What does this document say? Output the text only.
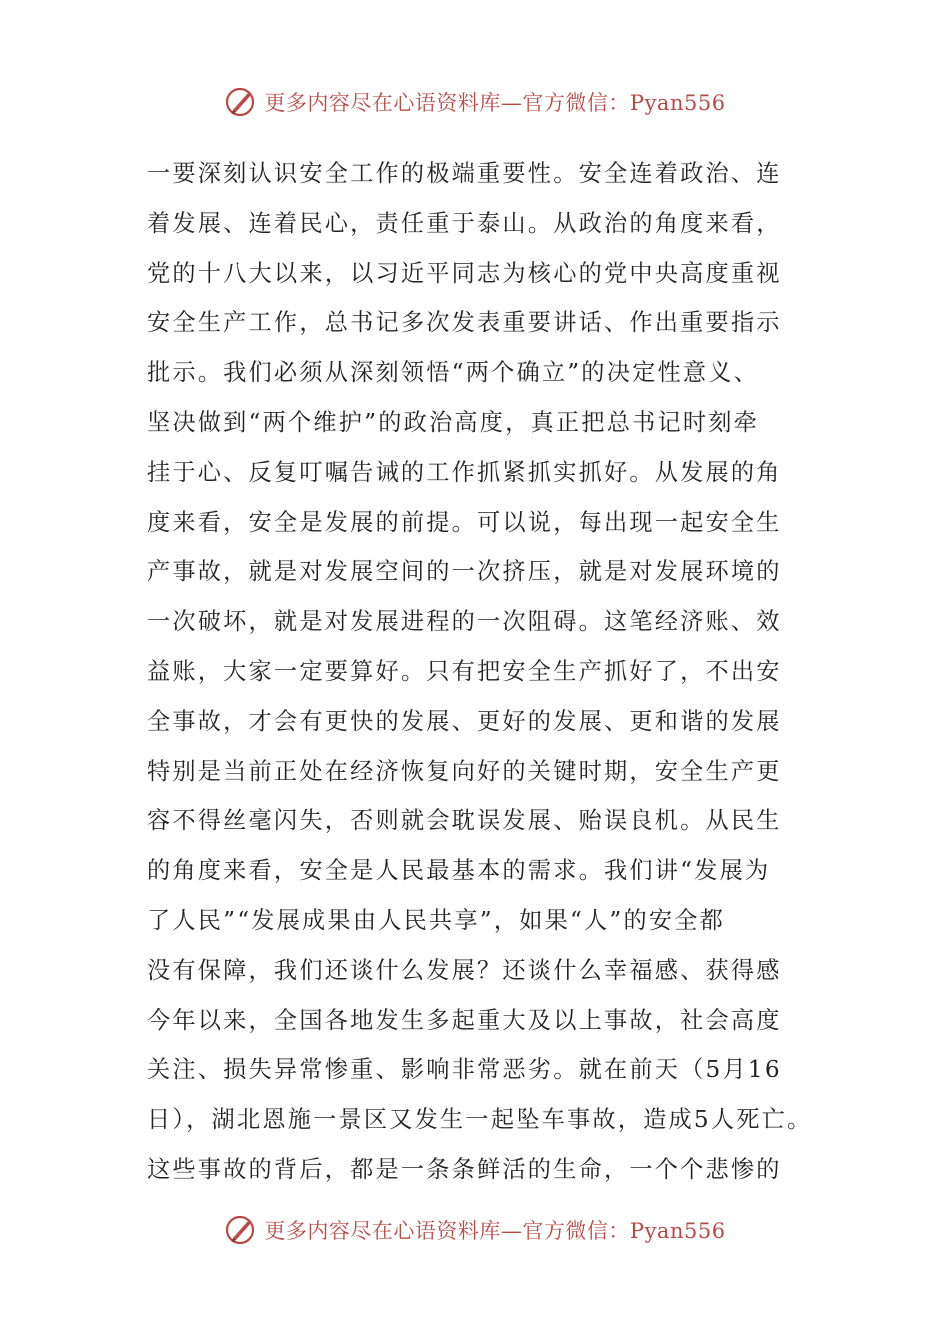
更多内容尽在心语资料库—官方微信：Pyan556
一要深刻认识安全工作的极端重要性。安全连着政治、连
着发展、连着民心，责任重于泰山。从政治的角度来看，
党的十八大以来，以习近平同志为核心的党中央高度重视
安全生产工作，总书记多次发表重要讲话、作出重要指示
批示。我们必须从深刻领悟“两个确立”的决定性意义、
坚决做到“两个维护”的政治高度，真正把总书记时刻牵
挂于心、反复叮嘱告诫的工作抓紧抓实抓好。从发展的角
度来看，安全是发展的前提。可以说，每出现一起安全生
产事故，就是对发展空间的一次挤压，就是对发展环境的
一次破坏，就是对发展进程的一次阻碍。这笔经济账、效
益账，大家一定要算好。只有把安全生产抓好了，不出安
全事故，才会有更快的发展、更好的发展、更和谐的发展
特别是当前正处在经济恢复向好的关键时期，安全生产更
容不得丝毫闪失，否则就会耽误发展、贻误良机。从民生
的角度来看，安全是人民最基本的需求。我们讲“发展为
了人民”“发展成果由人民共享”，如果“人”的安全都
没有保障，我们还谈什么发展？还谈什么幸福感、获得感
今年以来，全国各地发生多起重大及以上事故，社会高度
关注、损失异常惨重、影响非常恶劣。就在前天（5月16
日），湖北恩施一景区又发生一起坠车事故，造成5人死亡。
这些事故的背后，都是一条条鲜活的生命，一个个悲惨的
更多内容尽在心语资料库—官方微信：Pyan556
